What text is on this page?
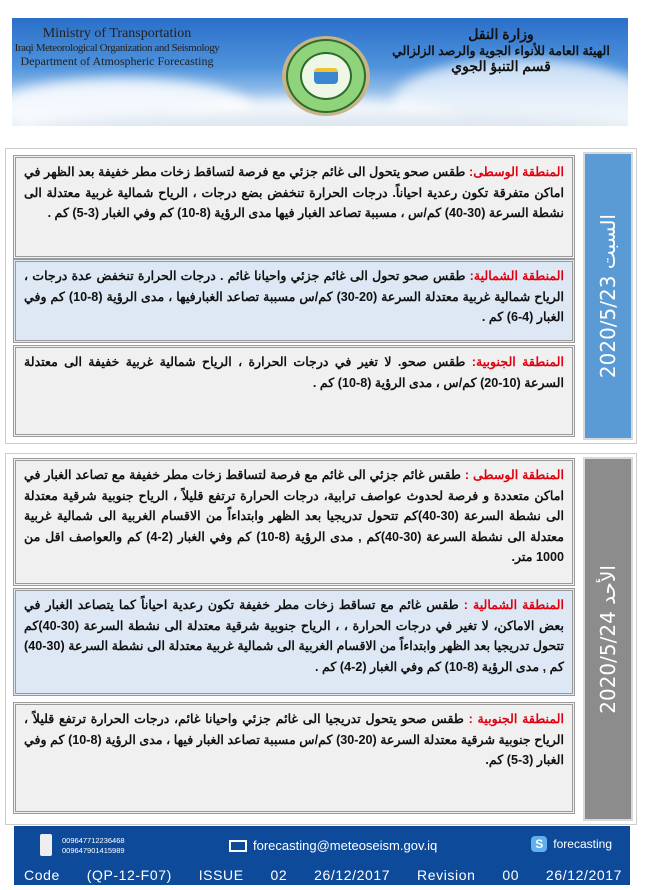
Ministry of Transportation
Iraqi Meteorological Organization and Seismology
Department of Atmospheric Forecasting
وزارة النقل
الهيئة العامة للأنواء الجوية والرصد الزلزالي
قسم التنبؤ الجوي
المنطقة الوسطى: طقس صحو يتحول الى غائم جزئي مع فرصة لتساقط زخات مطر خفيفة بعد الظهر في اماكن متفرقة تكون رعدية احياناً. درجات الحرارة تنخفض بضع درجات ، الرياح شمالية غربية معتدلة الى نشطة السرعة (30-40) كم/س ، مسببة تصاعد الغبار فيها مدى الرؤية (8-10) كم وفي الغبار (3-5) كم .
المنطقة الشمالية: طقس صحو تحول الى غائم جزئي واحيانا غائم . درجات الحرارة تنخفض عدة درجات ، الرياح شمالية غربية معتدلة السرعة (20-30) كم/س مسببة تصاعد الغبارفيها ، مدى الرؤية (8-10) كم وفي الغبار (4-6) كم .
المنطقة الجنوبية: طقس صحو. لا تغير في درجات الحرارة ، الرياح شمالية غربية خفيفة الى معتدلة السرعة (10-20) كم/س ، مدى الرؤية (8-10) كم .
السبت 2020/5/23
المنطقة الوسطى : طقس غائم جزئي الى غائم مع فرصة لتساقط زخات مطر خفيفة مع تصاعد الغبار في اماكن متعددة و فرصة لحدوث عواصف ترابية، درجات الحرارة ترتفع قليلاً ، الرياح جنوبية شرقية معتدلة الى نشطة السرعة (30-40)كم تتحول تدريجيا بعد الظهر وابتداءاً من الاقسام الغربية الى شمالية غربية معتدلة الى نشطة السرعة (30-40)كم , مدى الرؤية (8-10) كم وفي الغبار (2-4) كم والعواصف اقل من 1000 متر.
المنطقة الشمالية : طقس غائم مع تساقط زخات مطر خفيفة تكون رعدية احياناً كما يتصاعد الغبار في بعض الاماكن، لا تغير في درجات الحرارة ، ، الرياح جنوبية شرقية معتدلة الى نشطة السرعة (30-40)كم تتحول تدريجيا بعد الظهر وابتداءاً من الاقسام الغربية الى شمالية غربية معتدلة الى نشطة السرعة (30-40) كم , مدى الرؤية (8-10) كم وفي الغبار (2-4) كم .
المنطقة الجنوبية : طقس صحو يتحول تدريجيا الى غائم جزئي واحيانا غائم، درجات الحرارة ترتفع قليلاً ، الرياح جنوبية شرقية معتدلة السرعة (20-30) كم/س مسببة تصاعد الغبار فيها ، مدى الرؤية (8-10) كم وفي الغبار (3-5) كم.
الأحد 2020/5/24
009647712236468
009647901415989	forecasting@meteoseism.gov.iq	S forecasting
Code (QP-12-F07) ISSUE 02 26/12/2017 Revision 00 26/12/2017
